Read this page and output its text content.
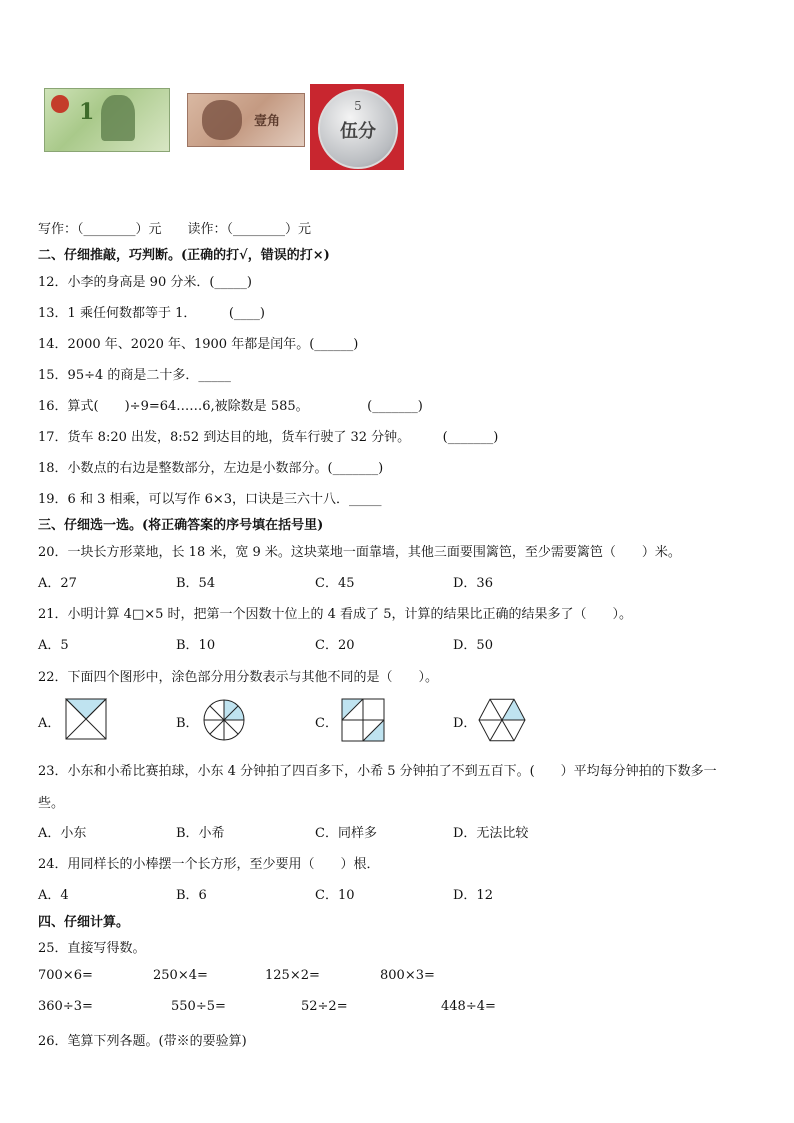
1	壹角
5
伍分
写作：（________）元　　读作：（________）元
二、仔细推敲，巧判断。(正确的打√，错误的打×)
12．小李的身高是 90 分米．(_____)
13．1 乘任何数都等于 1．　　　(____)
14．2000 年、2020 年、1900 年都是闰年。(______)
15．95÷4 的商是二十多．_____
16．算式(　　)÷9=64……6,被除数是 585。　　　　　(_______)
17．货车 8:20 出发，8:52 到达目的地，货车行驶了 32 分钟。　　　(_______)
18．小数点的右边是整数部分，左边是小数部分。(_______)
19．6 和 3 相乘，可以写作 6×3，口诀是三六十八．_____
三、仔细选一选。(将正确答案的序号填在括号里)
20．一块长方形菜地，长 18 米，宽 9 米。这块菜地一面靠墙，其他三面要围篱笆，至少需要篱笆（　　）米。
A．27	B．54	C．45	D．36
21．小明计算 4□×5 时，把第一个因数十位上的 4 看成了 5，计算的结果比正确的结果多了（　　）。
A．5	B．10	C．20	D．50
22．下面四个图形中，涂色部分用分数表示与其他不同的是（　　）。
A．	B．	C．	D．
23．小东和小希比赛拍球，小东 4 分钟拍了四百多下，小希 5 分钟拍了不到五百下。(　　）平均每分钟拍的下数多一
些。
A．小东	B．小希	C．同样多	D．无法比较
24．用同样长的小棒摆一个长方形，至少要用（　　）根．
A．4	B．6	C．10	D．12
四、仔细计算。
25．直接写得数。
700×6=	250×4=	125×2=	800×3=
360÷3=	550÷5=	52÷2=	448÷4=
26．笔算下列各题。(带※的要验算)
